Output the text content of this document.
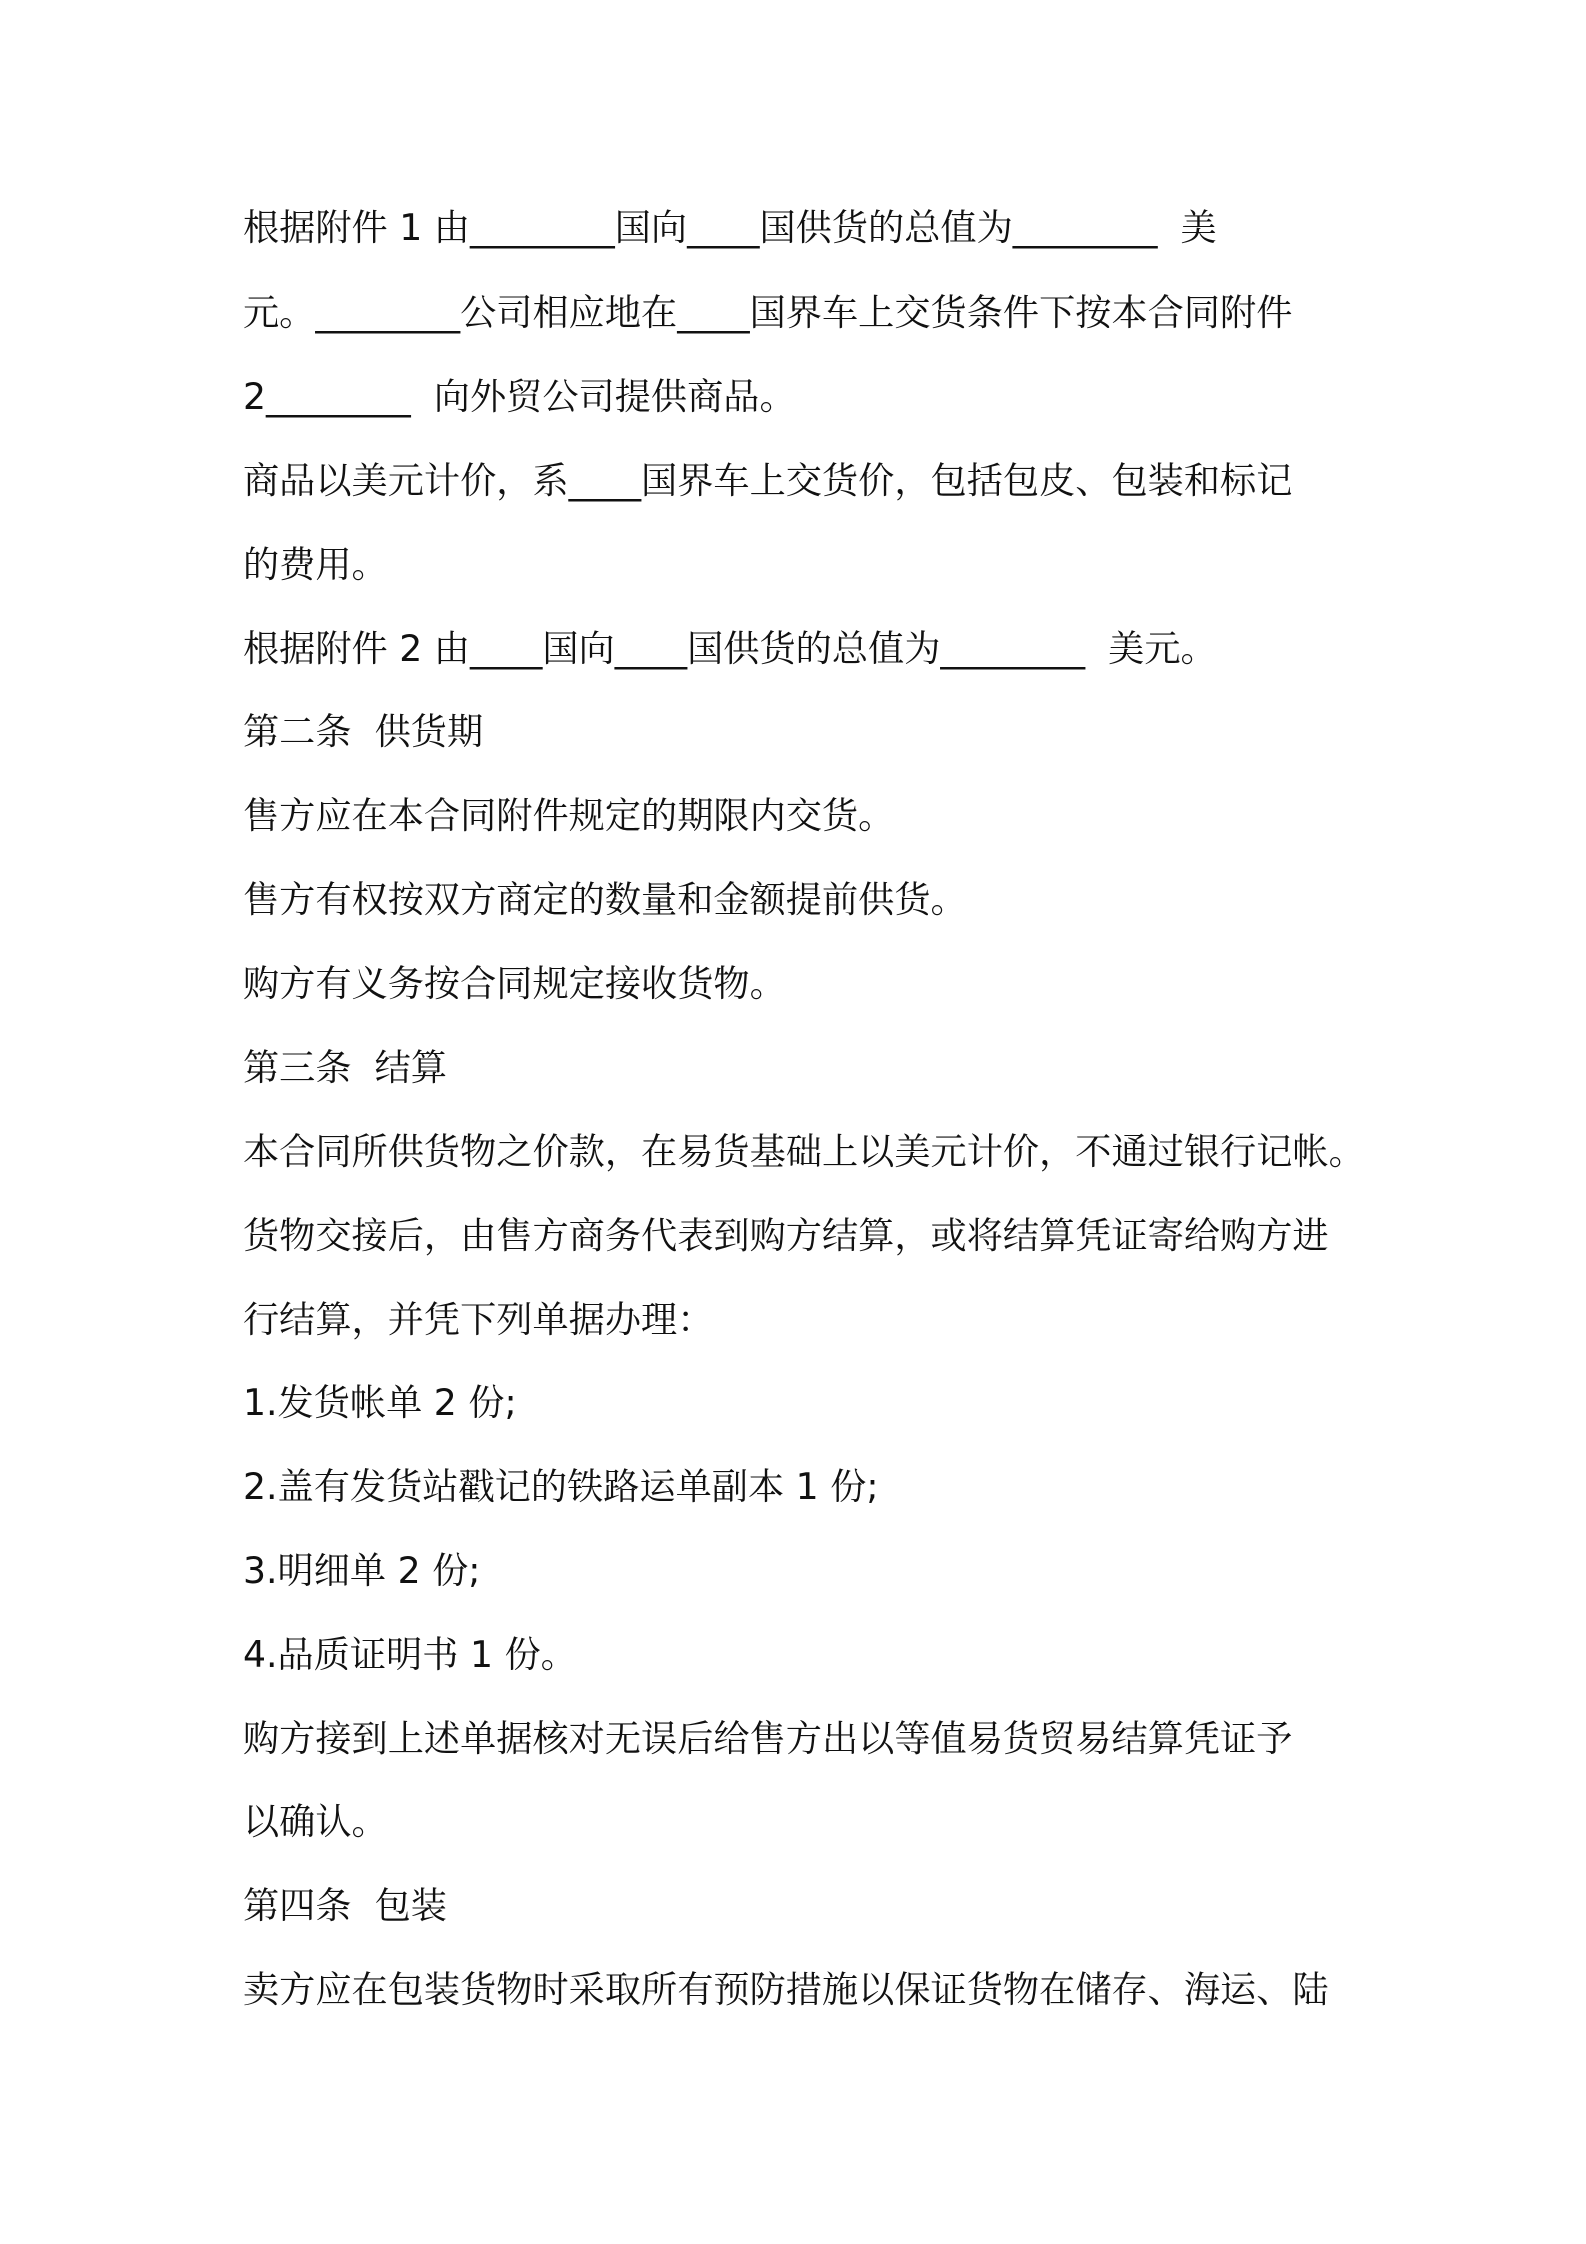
根据附件 1 由________国向____国供货的总值为________  美
元。________公司相应地在____国界车上交货条件下按本合同附件
2________  向外贸公司提供商品。
商品以美元计价，系____国界车上交货价，包括包皮、包装和标记
的费用。
根据附件 2 由____国向____国供货的总值为________  美元。
第二条  供货期
售方应在本合同附件规定的期限内交货。
售方有权按双方商定的数量和金额提前供货。
购方有义务按合同规定接收货物。
第三条  结算
本合同所供货物之价款，在易货基础上以美元计价，不通过银行记帐。
货物交接后，由售方商务代表到购方结算，或将结算凭证寄给购方进
行结算，并凭下列单据办理：
1.发货帐单 2 份;
2.盖有发货站戳记的铁路运单副本 1 份;
3.明细单 2 份;
4.品质证明书 1 份。
购方接到上述单据核对无误后给售方出以等值易货贸易结算凭证予
以确认。
第四条  包装
卖方应在包装货物时采取所有预防措施以保证货物在储存、海运、陆
